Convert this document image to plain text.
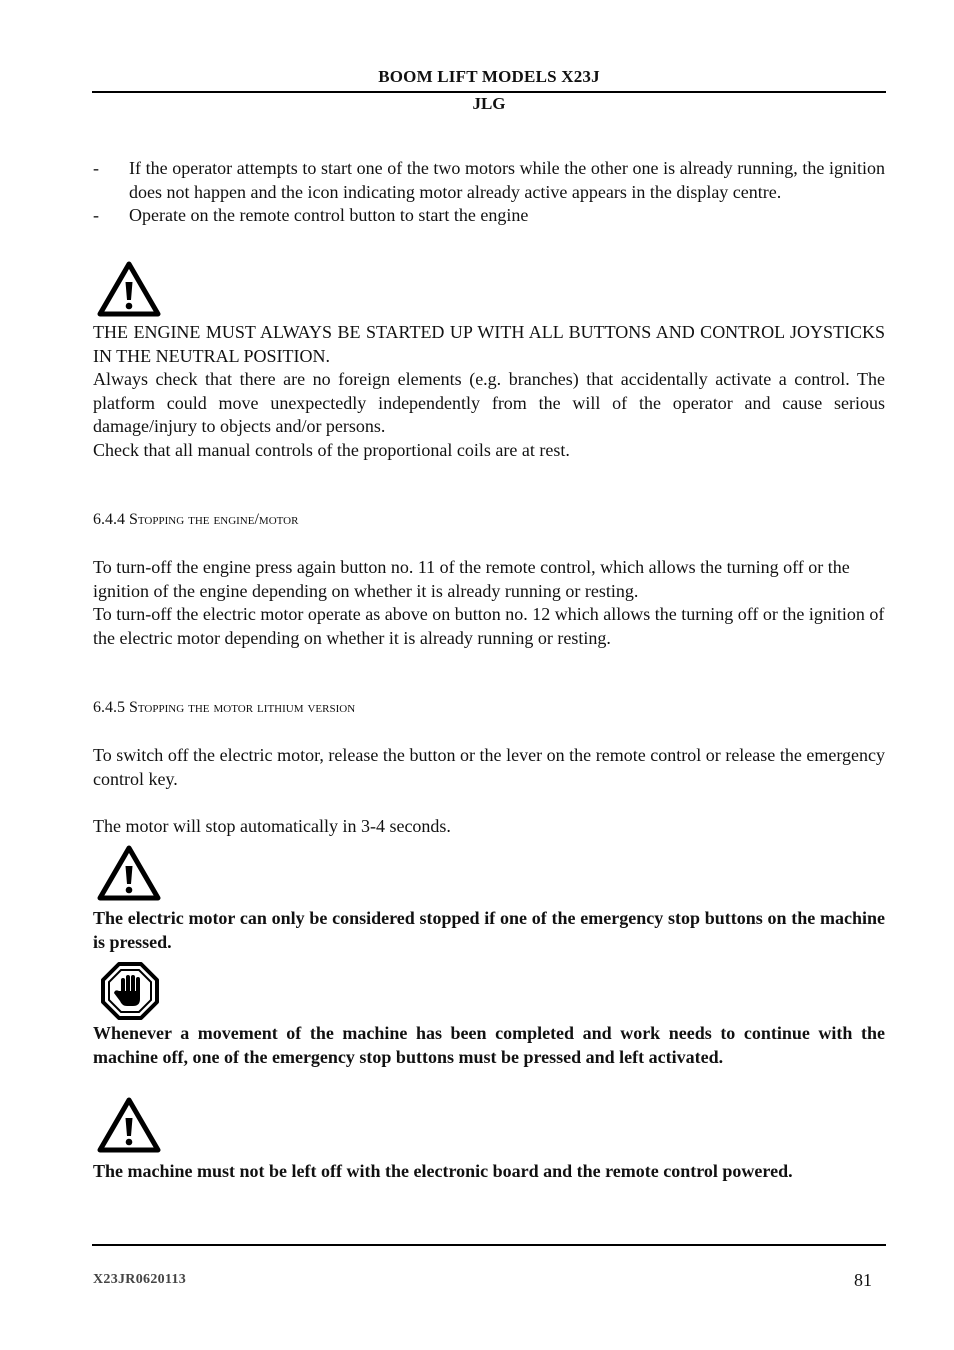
BOOM LIFT MODELS X23J
JLG
- If the operator attempts to start one of the two motors while the other one is already running, the ignition does not happen and the icon indicating motor already active appears in the display centre.
- Operate on the remote control button to start the engine
THE ENGINE MUST ALWAYS BE STARTED UP WITH ALL BUTTONS AND CONTROL JOYSTICKS IN THE NEUTRAL POSITION.
Always check that there are no foreign elements (e.g. branches) that accidentally activate a control. The platform could move unexpectedly independently from the will of the operator and cause serious damage/injury to objects and/or persons.
Check that all manual controls of the proportional coils are at rest.
6.4.4 Stopping the engine/motor
To turn-off the engine press again button no. 11 of the remote control, which allows the turning off or the ignition of the engine depending on whether it is already running or resting.
To turn-off the electric motor operate as above on button no. 12 which allows the turning off or the ignition of the electric motor depending on whether it is already running or resting.
6.4.5 Stopping the motor lithium version
To switch off the electric motor, release the button or the lever on the remote control or release the emergency control key.
The motor will stop automatically in 3-4 seconds.
The electric motor can only be considered stopped if one of the emergency stop buttons on the machine is pressed.
Whenever a movement of the machine has been completed and work needs to continue with the machine off, one of the emergency stop buttons must be pressed and left activated.
The machine must not be left off with the electronic board and the remote control powered.
X23JR0620113	81
